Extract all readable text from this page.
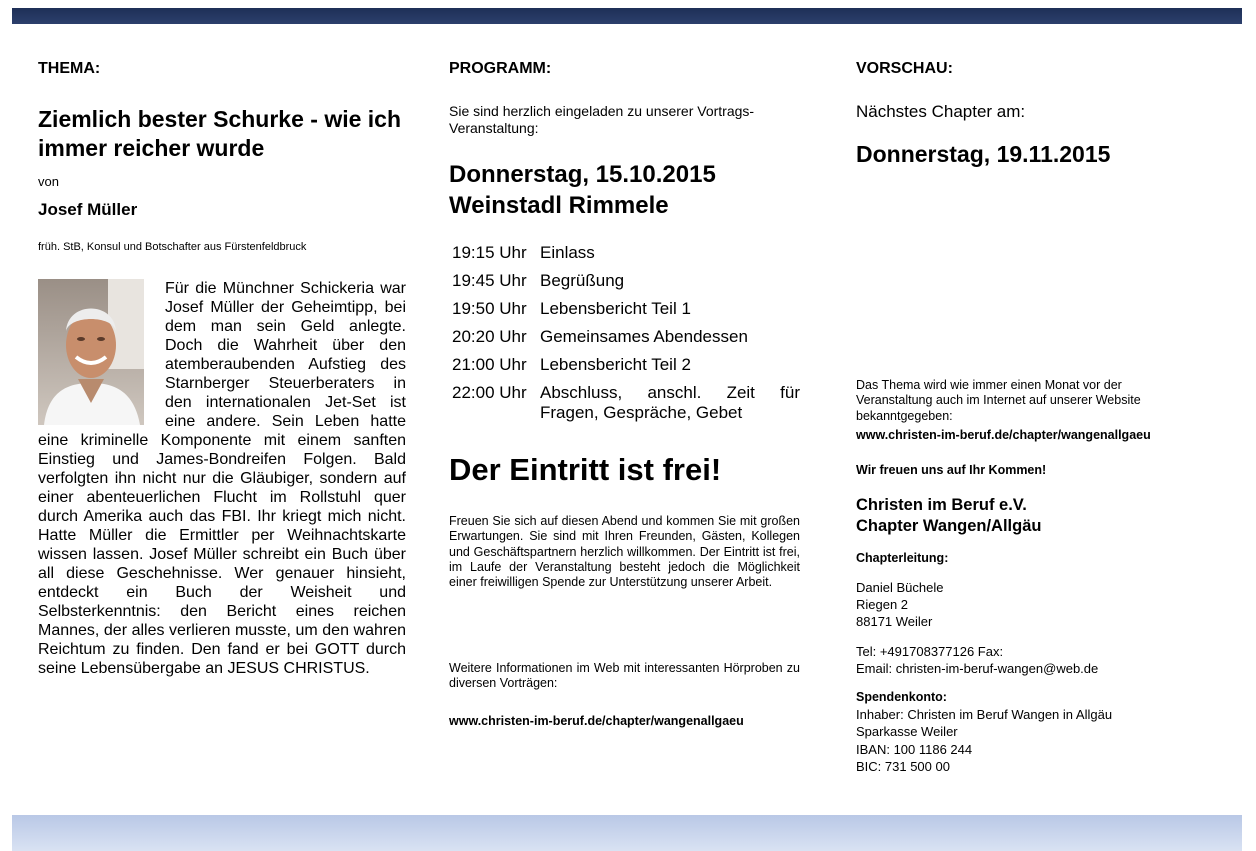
THEMA:
Ziemlich bester Schurke - wie ich immer reicher wurde
von
Josef Müller
früh. StB, Konsul und Botschafter aus Fürstenfeldbruck

Für die Münchner Schickeria war Josef Müller der Geheimtipp, bei dem man sein Geld anlegte. Doch die Wahrheit über den atemberaubenden Aufstieg des Starnberger Steuerberaters in den internationalen Jet-Set ist eine andere. Sein Leben hatte eine kriminelle Komponente mit einem sanften Einstieg und James-Bondreifen Folgen. Bald verfolgten ihn nicht nur die Gläubiger, sondern auf einer abenteuerlichen Flucht im Rollstuhl quer durch Amerika auch das FBI. Ihr kriegt mich nicht. Hatte Müller die Ermittler per Weihnachtskarte wissen lassen. Josef Müller schreibt ein Buch über all diese Geschehnisse. Wer genauer hinsieht, entdeckt ein Buch der Weisheit und Selbsterkenntnis: den Bericht eines reichen Mannes, der alles verlieren musste, um den wahren Reichtum zu finden. Den fand er bei GOTT durch seine Lebensübergabe an JESUS CHRISTUS.

PROGRAMM:
Sie sind herzlich eingeladen zu unserer Vortrags-Veranstaltung:
Donnerstag, 15.10.2015
Weinstadl Rimmele
19:15 Uhr	Einlass
19:45 Uhr	Begrüßung
19:50 Uhr	Lebensbericht Teil 1
20:20 Uhr	Gemeinsames Abendessen
21:00 Uhr	Lebensbericht Teil 2
22:00 Uhr	Abschluss, anschl. Zeit für Fragen, Gespräche, Gebet
Der Eintritt ist frei!
Freuen Sie sich auf diesen Abend und kommen Sie mit großen Erwartungen. Sie sind mit Ihren Freunden, Gästen, Kollegen und Geschäftspartnern herzlich willkommen. Der Eintritt ist frei, im Laufe der Veranstaltung besteht jedoch die Möglichkeit einer freiwilligen Spende zur Unterstützung unserer Arbeit.
Weitere Informationen im Web mit interessanten Hörproben zu diversen Vorträgen:
www.christen-im-beruf.de/chapter/wangenallgaeu
VORSCHAU:
Nächstes Chapter am:
Donnerstag, 19.11.2015
Das Thema wird wie immer einen Monat vor der Veranstaltung auch im Internet auf unserer Website bekanntgegeben:
www.christen-im-beruf.de/chapter/wangenallgaeu
Wir freuen uns auf Ihr Kommen!
Christen im Beruf e.V.
Chapter Wangen/Allgäu
Chapterleitung:
Daniel Büchele
Riegen 2
88171 Weiler
Tel: +491708377126 Fax:
Email: christen-im-beruf-wangen@web.de
Spendenkonto:
Inhaber: Christen im Beruf Wangen in Allgäu
Sparkasse Weiler
IBAN: 100 1186 244
BIC: 731 500 00
